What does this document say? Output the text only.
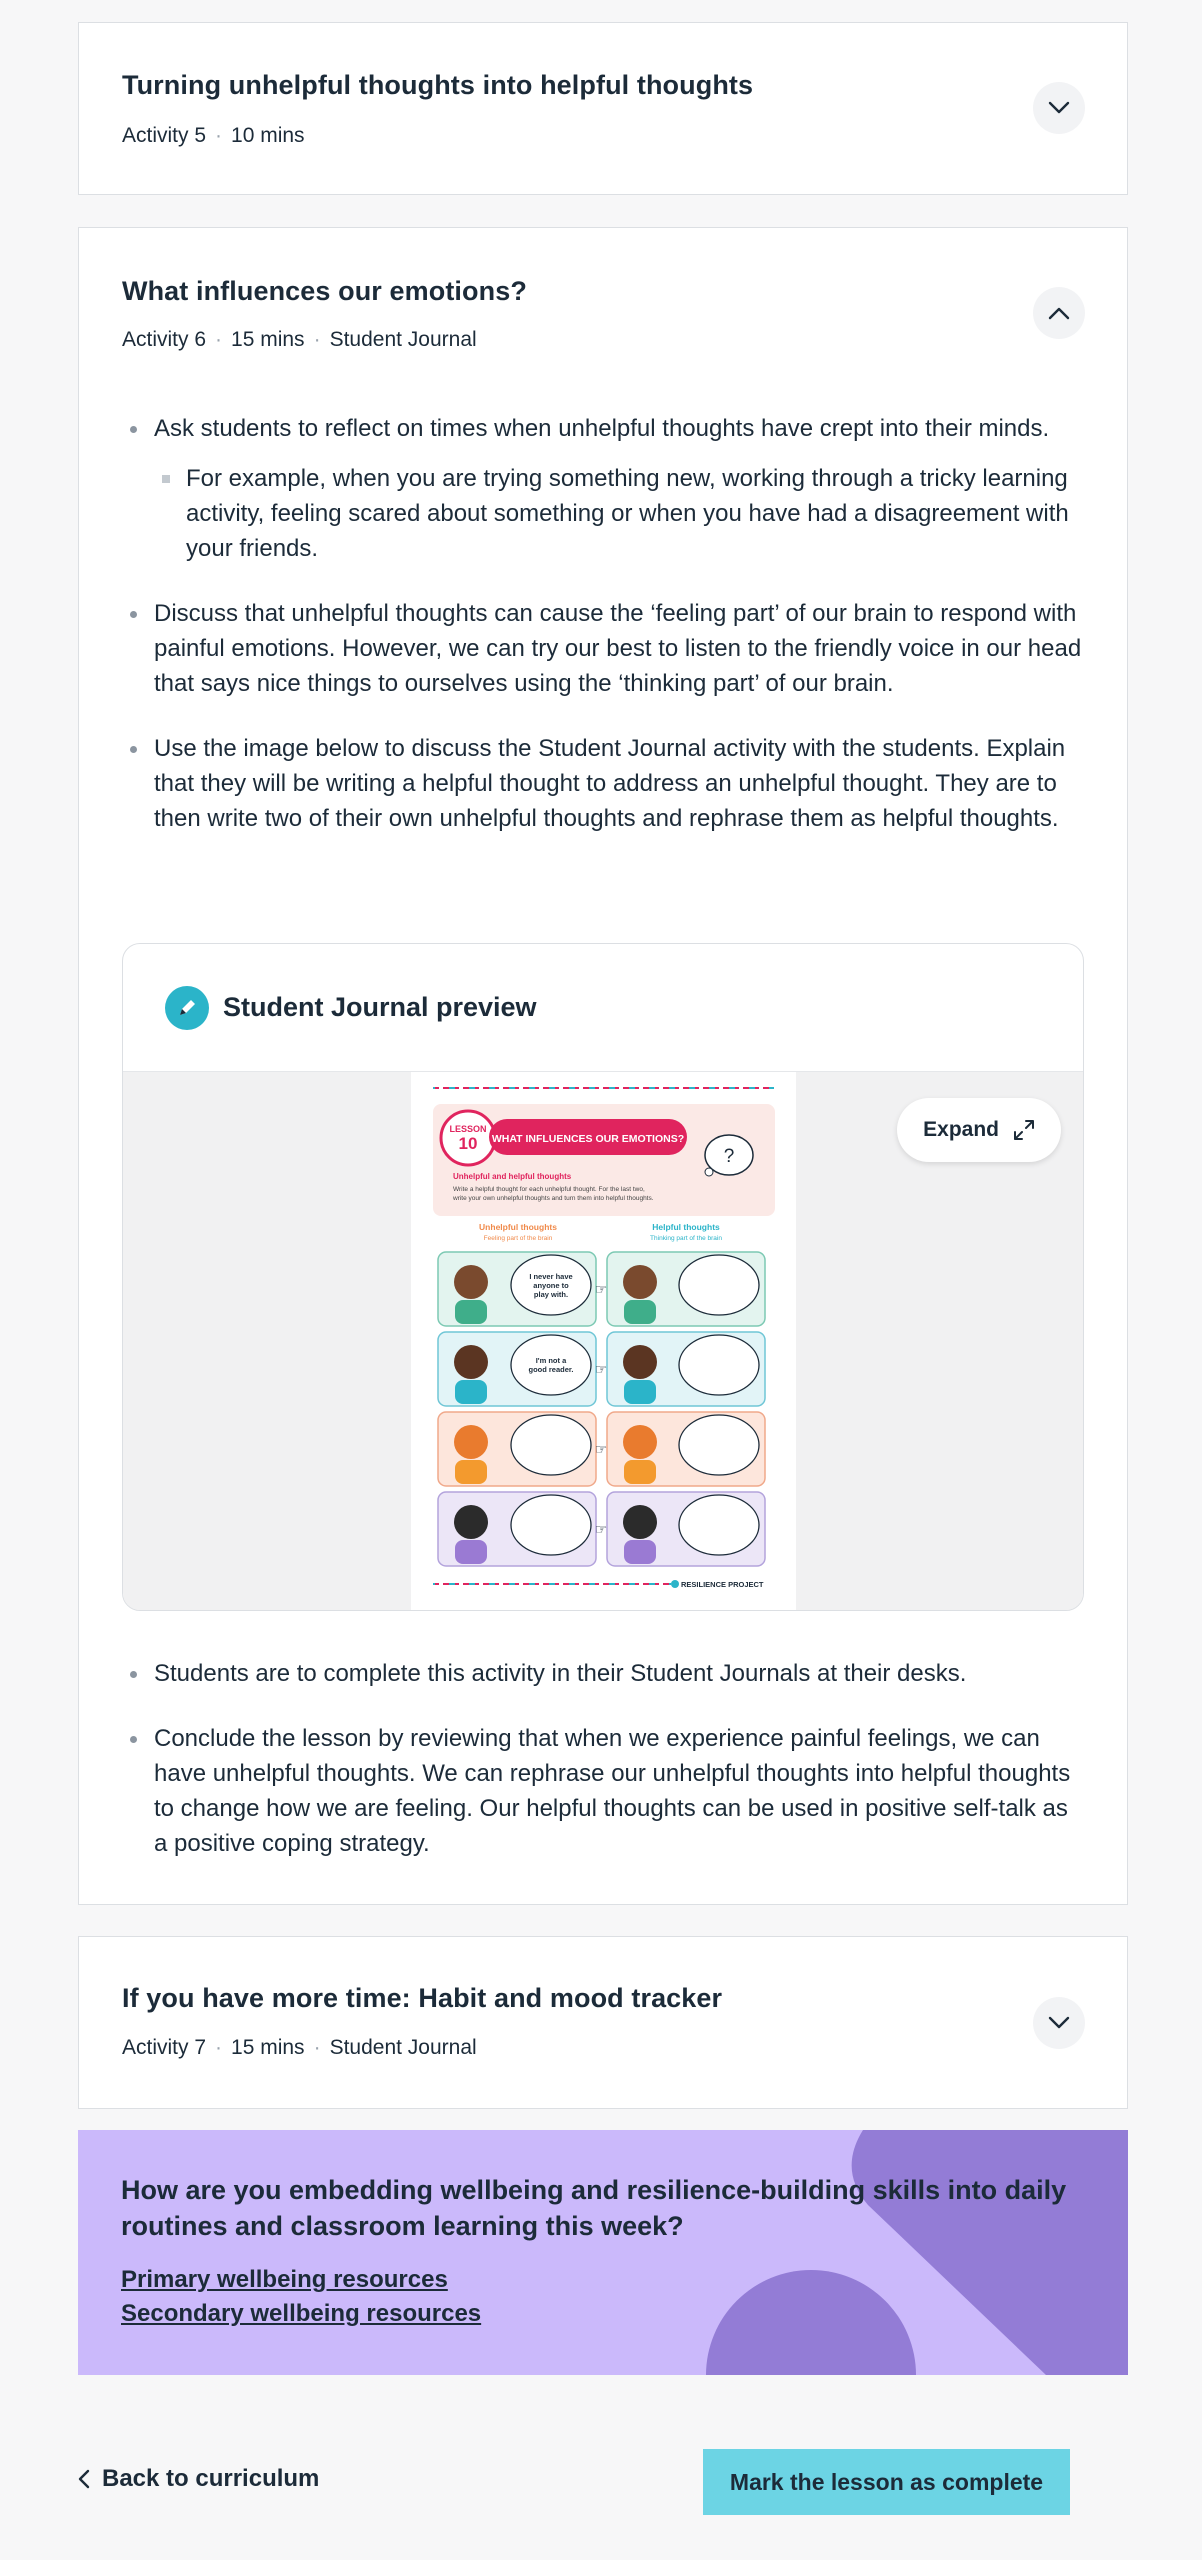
Turning unhelpful thoughts into helpful thoughts
Activity 5 · 10 mins
What influences our emotions?
Activity 6 · 15 mins · Student Journal
Ask students to reflect on times when unhelpful thoughts have crept into their minds.
For example, when you are trying something new, working through a tricky learning activity, feeling scared about something or when you have had a disagreement with your friends.
Discuss that unhelpful thoughts can cause the ‘feeling part’ of our brain to respond with painful emotions. However, we can try our best to listen to the friendly voice in our head that says nice things to ourselves using the ‘thinking part’ of our brain.
Use the image below to discuss the Student Journal activity with the students. Explain that they will be writing a helpful thought to address an unhelpful thought. They are to then write two of their own unhelpful thoughts and rephrase them as helpful thoughts.
Student Journal preview
LESSON
10 WHAT INFLUENCES OUR EMOTIONS?
?
Unhelpful and helpful thoughts
Write a helpful thought for each unhelpful thought. For the last two,
write your own unhelpful thoughts and turn them into helpful thoughts.
Unhelpful thoughts
Feeling part of the brain
Helpful thoughts
Thinking part of the brain
I never have
anyone to
play with. ☞
I'm not a
good reader. ☞
☞
☞
RESILIENCE PROJECT
Expand
Students are to complete this activity in their Student Journals at their desks.
Conclude the lesson by reviewing that when we experience painful feelings, we can have unhelpful thoughts. We can rephrase our unhelpful thoughts into helpful thoughts to change how we are feeling. Our helpful thoughts can be used in positive self-talk as a positive coping strategy.
If you have more time: Habit and mood tracker
Activity 7 · 15 mins · Student Journal
How are you embedding wellbeing and resilience-building skills into daily routines and classroom learning this week?
Primary wellbeing resources
Secondary wellbeing resources
Back to curriculum	Mark the lesson as complete
